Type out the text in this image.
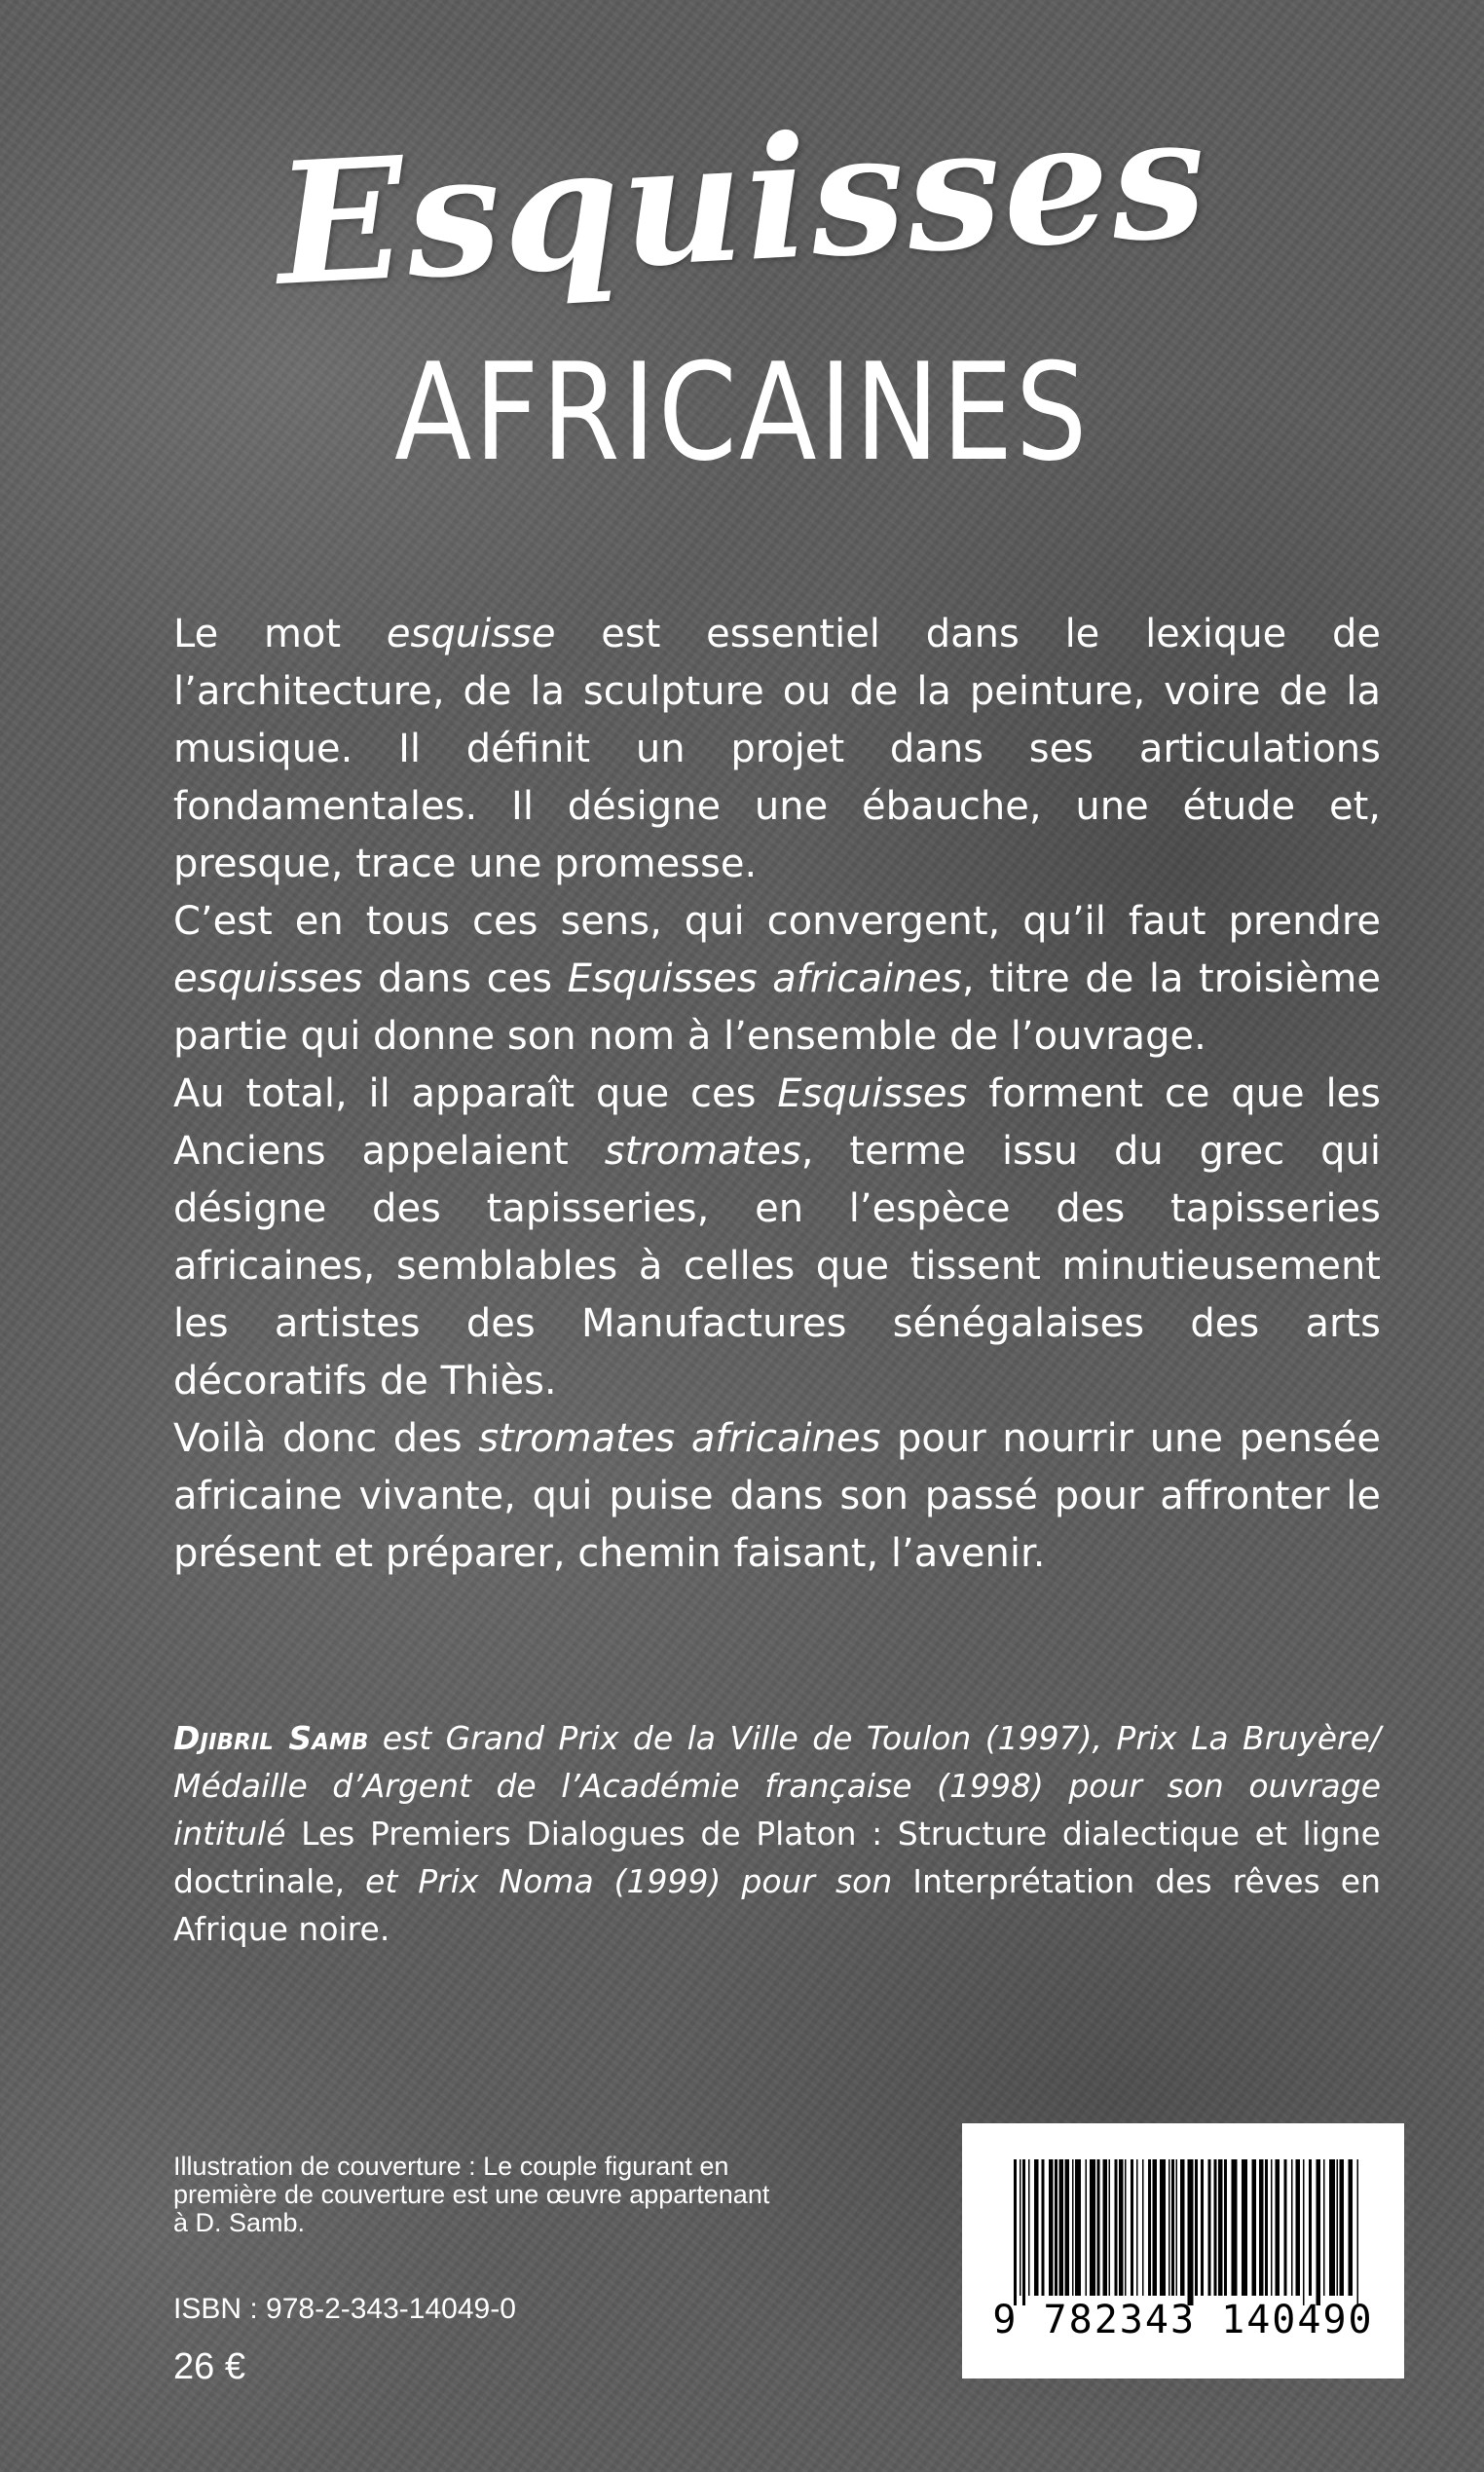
Esquisses
AFRICAINES

Le mot esquisse est essentiel dans le lexique de l’architecture, de la sculpture ou de la peinture, voire de la musique. Il définit un projet dans ses articulations fondamentales. Il désigne une ébauche, une étude et, presque, trace une promesse.

C’est en tous ces sens, qui convergent, qu’il faut prendre esquisses dans ces Esquisses africaines, titre de la troisième partie qui donne son nom à l’ensemble de l’ouvrage.

Au total, il apparaît que ces Esquisses forment ce que les Anciens appelaient stromates, terme issu du grec qui désigne des tapisseries, en l’espèce des tapisseries africaines, semblables à celles que tissent minutieusement les artistes des Manufactures sénégalaises des arts décoratifs de Thiès.

Voilà donc des stromates africaines pour nourrir une pensée africaine vivante, qui puise dans son passé pour affronter le présent et préparer, chemin faisant, l’avenir.

Djibril Samb est Grand Prix de la Ville de Toulon (1997), Prix La Bruyère/ Médaille d’Argent de l’Académie française (1998) pour son ouvrage intitulé Les Premiers Dialogues de Platon : Structure dialectique et ligne doctrinale, et Prix Noma (1999) pour son Interprétation des rêves en Afrique noire.

Illustration de couverture : Le couple figurant en

première de couverture est une œuvre appartenant

à D. Samb.

ISBN : 978-2-343-14049-0
26 €
9 782343 140490
